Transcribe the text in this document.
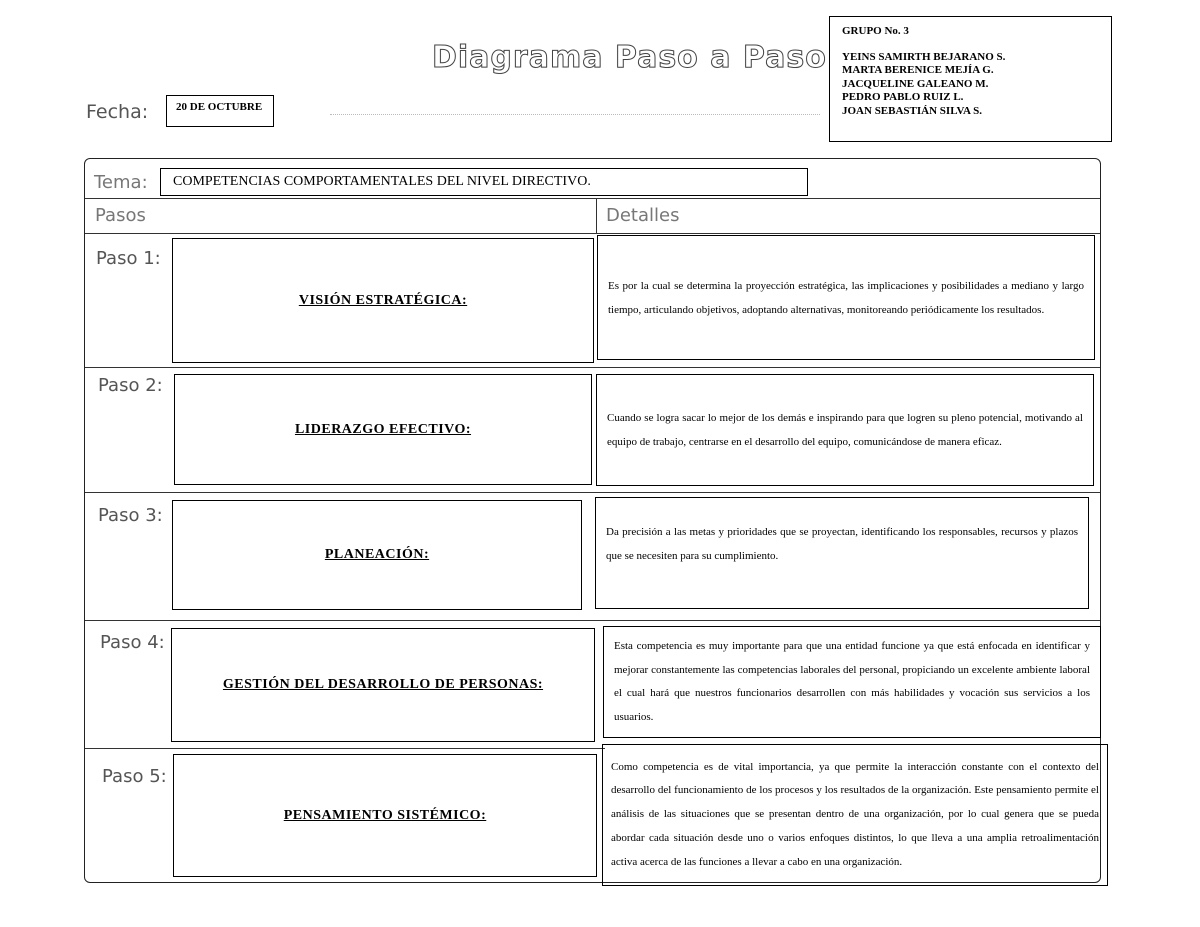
Diagrama Paso a Paso
Fecha:	20 DE OCTUBRE
GRUPO No. 3
YEINS SAMIRTH BEJARANO S.
MARTA BERENICE MEJÍA G.
JACQUELINE GALEANO M.
PEDRO PABLO RUIZ L.
JOAN SEBASTIÁN SILVA S.
Tema:	COMPETENCIAS COMPORTAMENTALES DEL NIVEL DIRECTIVO.
Pasos	Detalles
Paso 1:
VISIÓN ESTRATÉGICA:
Es por la cual se determina la proyección estratégica, las implicaciones y posibilidades a mediano y largo tiempo, articulando objetivos, adoptando alternativas, monitoreando periódicamente los resultados.
Paso 2:
LIDERAZGO EFECTIVO:
Cuando se logra sacar lo mejor de los demás e inspirando para que logren su pleno potencial, motivando al equipo de trabajo, centrarse en el desarrollo del equipo, comunicándose de manera eficaz.
Paso 3:
PLANEACIÓN:
Da precisión a las metas y prioridades que se proyectan, identificando los responsables, recursos y plazos que se necesiten para su cumplimiento.
Paso 4:
GESTIÓN DEL DESARROLLO DE PERSONAS:
Esta competencia es muy importante para que una entidad funcione ya que está enfocada en identificar y mejorar constantemente las competencias laborales del personal, propiciando un excelente ambiente laboral el cual hará que nuestros funcionarios desarrollen con más habilidades y vocación sus servicios a los usuarios.
Paso 5:
PENSAMIENTO SISTÉMICO:
Como competencia es de vital importancia, ya que permite la interacción constante con el contexto del desarrollo del funcionamiento de los procesos y los resultados de la organización. Este pensamiento permite el análisis de las situaciones que se presentan dentro de una organización, por lo cual genera que se pueda abordar cada situación desde uno o varios enfoques distintos, lo que lleva a una amplia retroalimentación activa acerca de las funciones a llevar a cabo en una organización.
